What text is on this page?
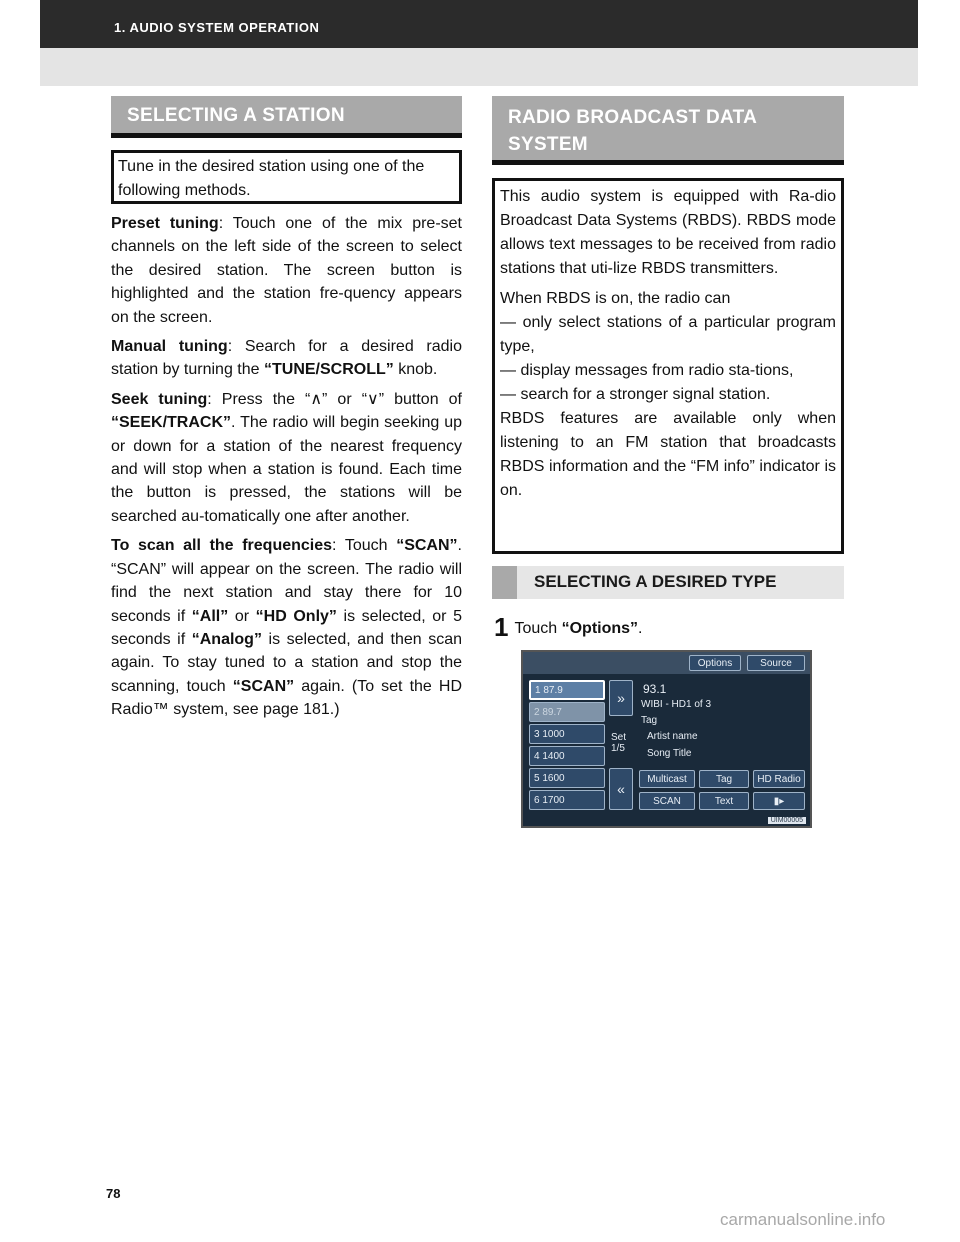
1. AUDIO SYSTEM OPERATION
SELECTING A STATION
Tune in the desired station using one of the following methods.

Preset tuning: Touch one of the mix pre-set channels on the left side of the screen to select the desired station. The screen button is highlighted and the station fre-quency appears on the screen.

Manual tuning: Search for a desired radio station by turning the “TUNE/SCROLL” knob.

Seek tuning: Press the “∧” or “∨” button of “SEEK/TRACK”. The radio will begin seeking up or down for a station of the nearest frequency and will stop when a station is found. Each time the button is pressed, the stations will be searched au-tomatically one after another.

To scan all the frequencies: Touch “SCAN”. “SCAN” will appear on the screen. The radio will find the next station and stay there for 10 seconds if “All” or “HD Only” is selected, or 5 seconds if “Analog” is selected, and then scan again. To stay tuned to a station and stop the scanning, touch “SCAN” again. (To set the HD Radio™ system, see page 181.)

RADIO BROADCAST DATA
SYSTEM
This audio system is equipped with Ra-dio Broadcast Data Systems (RBDS). RBDS mode allows text messages to be received from radio stations that uti-lize RBDS transmitters.
When RBDS is on, the radio can
— only select stations of a particular program type,
— display messages from radio sta-tions,
— search for a stronger signal station.
RBDS features are available only when listening to an FM station that broadcasts RBDS information and the “FM info” indicator is on.
SELECTING A DESIRED TYPE
1 Touch “Options”.
Options	Source
1 87.9
2 89.7
3 1000
4 1400
5 1600
6 1700
»
Set 1/5
«
93.1
WIBI - HD1 of 3
Tag
Artist name
Song Title
Multicast	Tag	HD Radio
SCAN	Text	▮▸
UIM00005
78
carmanualsonline.info
